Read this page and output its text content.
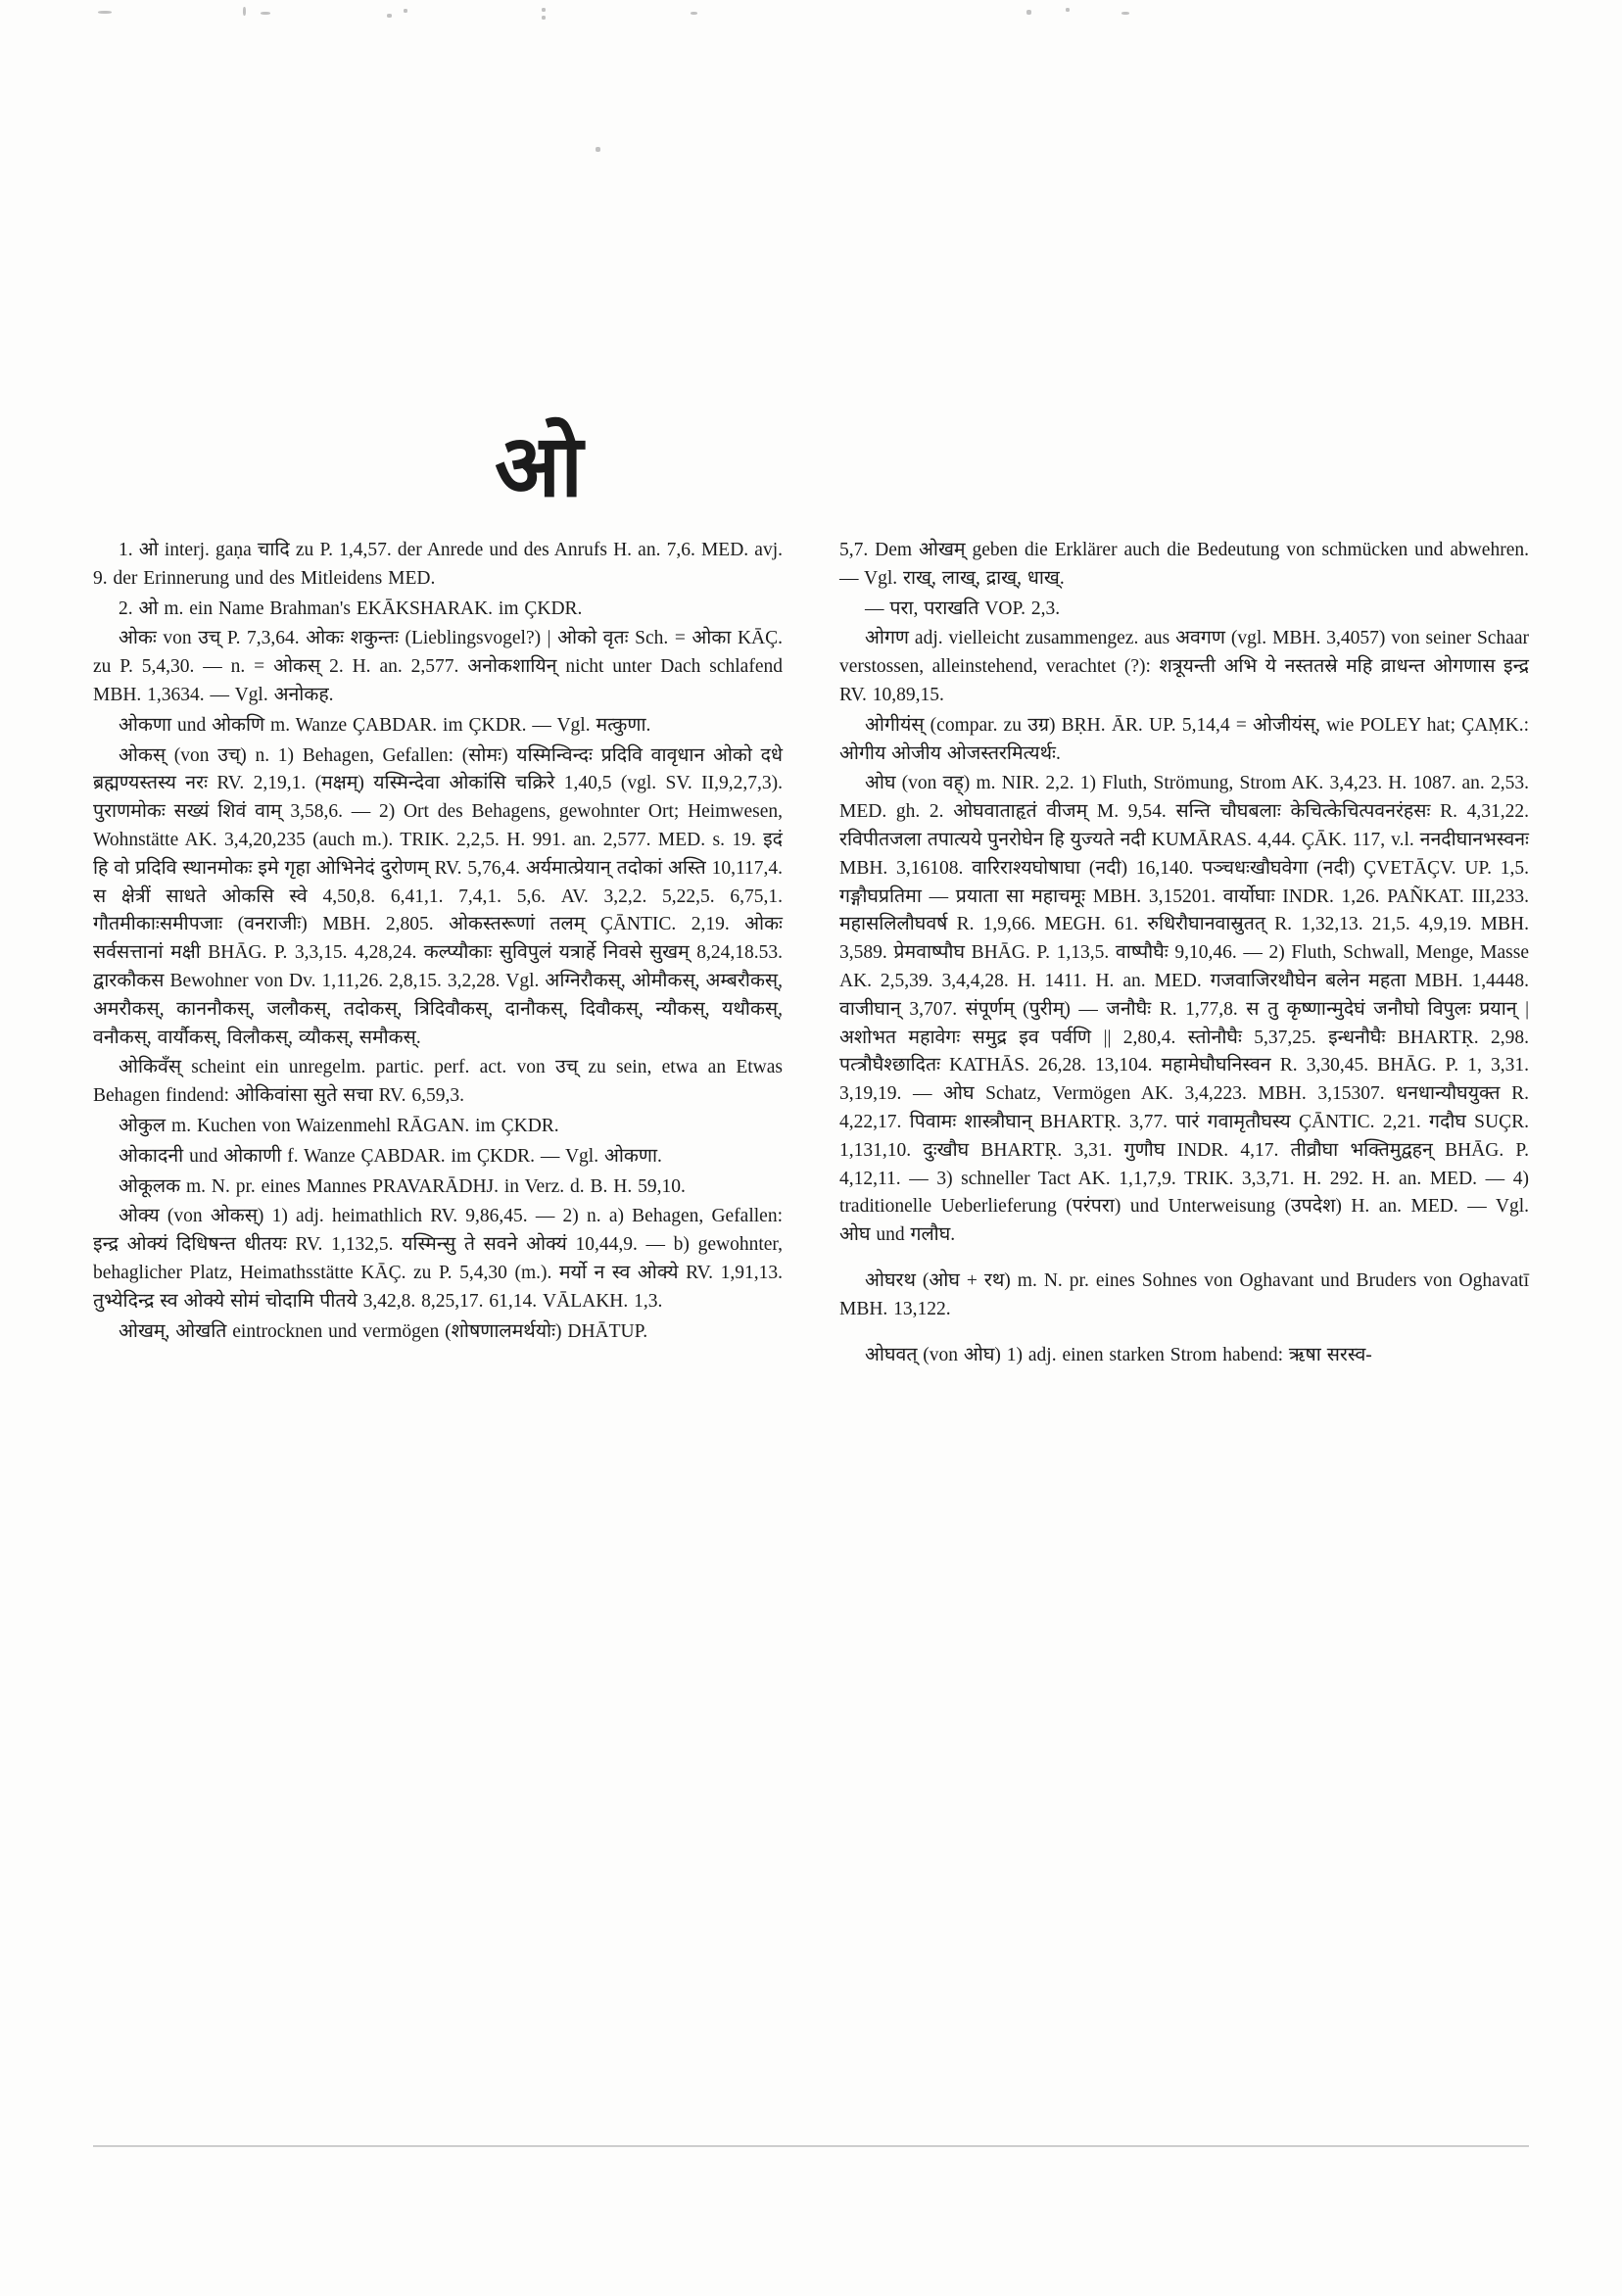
ओ

1. ओ interj. gaṇa चादि zu P. 1,4,57. der Anrede und des Anrufs H. an. 7,6. MED. avj. 9. der Erinnerung und des Mitleidens MED.

2. ओ m. ein Name Brahman's EKĀKSHARAK. im ÇKDR.

ओकः von उच् P. 7,3,64. ओकः शकुन्तः (Lieblingsvogel?) | ओको वृतः Sch. = ओका KĀÇ. zu P. 5,4,30. — n. = ओकस् 2. H. an. 2,577. अनोकशायिन् nicht unter Dach schlafend MBH. 1,3634. — Vgl. अनोकह.

ओकणा und ओकणि m. Wanze ÇABDAR. im ÇKDR. — Vgl. मत्कुणा.

ओकस् (von उच्) n. 1) Behagen, Gefallen: (सोमः) यस्मिन्विन्दः प्रदिवि वावृधान ओको दधे ब्रह्मण्यस्तस्य नरः RV. 2,19,1. (मक्षम्) यस्मिन्देवा ओकांसि चक्रिरे 1,40,5 (vgl. SV. II,9,2,7,3). पुराणमोकः सख्यं शिवं वाम् 3,58,6. — 2) Ort des Behagens, gewohnter Ort; Heimwesen, Wohnstätte AK. 3,4,20,235 (auch m.). TRIK. 2,2,5. H. 991. an. 2,577. MED. s. 19. इदं हि वो प्रदिवि स्थानमोकः इमे गृहा ओभिनेदं दुरोणम् RV. 5,76,4. अर्यमात्प्रेयान् तदोकां अस्ति 10,117,4. स क्षेत्रीं साधते ओकसि स्वे 4,50,8. 6,41,1. 7,4,1. 5,6. AV. 3,2,2. 5,22,5. 6,75,1. गौतमीकाःसमीपजाः (वनराजीः) MBH. 2,805. ओकस्तरूणां तलम् ÇĀNTIC. 2,19. ओकः सर्वसत्तानां मक्षी BHĀG. P. 3,3,15. 4,28,24. कल्प्यौकाः सुविपुलं यत्रार्हे निवसे सुखम् 8,24,18.53. द्वारकौकस Bewohner von Dv. 1,11,26. 2,8,15. 3,2,28. Vgl. अग्निरौकस्, ओमौकस्, अम्बरौकस्, अमरौकस्, काननौकस्, जलौकस्, तदोकस्, त्रिदिवौकस्, दानौकस्, दिवौकस्, न्यौकस्, यथौकस्, वनौकस्, वार्यौकस्, विलौकस्, व्यौकस्, समौकस्.

ओकिवँस् scheint ein unregelm. partic. perf. act. von उच् zu sein, etwa an Etwas Behagen findend: ओकिवांसा सुते सचा RV. 6,59,3.

ओकुल m. Kuchen von Waizenmehl RĀGAN. im ÇKDR.

ओकादनी und ओकाणी f. Wanze ÇABDAR. im ÇKDR. — Vgl. ओकणा.

ओकूलक m. N. pr. eines Mannes PRAVARĀDHJ. in Verz. d. B. H. 59,10.

ओक्य (von ओकस्) 1) adj. heimathlich RV. 9,86,45. — 2) n. a) Behagen, Gefallen: इन्द्र ओक्यं दिधिषन्त धीतयः RV. 1,132,5. यस्मिन्सु ते सवने ओक्यं 10,44,9. — b) gewohnter, behaglicher Platz, Heimathsstätte KĀÇ. zu P. 5,4,30 (m.). मर्यो न स्व ओक्ये RV. 1,91,13. तुभ्येदिन्द्र स्व ओक्ये सोमं चोदामि पीतये 3,42,8. 8,25,17. 61,14. VĀLAKH. 1,3.

ओखम्, ओखति eintrocknen und vermögen (शोषणालमर्थयोः) DHĀTUP.

5,7. Dem ओखम् geben die Erklärer auch die Bedeutung von schmücken und abwehren. — Vgl. राख्, लाख्, द्राख्, धाख्.

— परा, पराखति VOP. 2,3.

ओगण adj. vielleicht zusammengez. aus अवगण (vgl. MBH. 3,4057) von seiner Schaar verstossen, alleinstehend, verachtet (?): शत्रूयन्ती अभि ये नस्ततस्रे महि व्राधन्त ओगणास इन्द्र RV. 10,89,15.

ओगीयंस् (compar. zu उग्र) BṚH. ĀR. UP. 5,14,4 = ओजीयंस्, wie POLEY hat; ÇAṂK.: ओगीय ओजीय ओजस्तरमित्यर्थः.

ओघ (von वह्) m. NIR. 2,2. 1) Fluth, Strömung, Strom AK. 3,4,23. H. 1087. an. 2,53. MED. gh. 2. ओघवाताहृतं वीजम् M. 9,54. सन्ति चौघबलाः केचित्केचित्पवनरंहसः R. 4,31,22. रविपीतजला तपात्यये पुनरोघेन हि युज्यते नदी KUMĀRAS. 4,44. ÇĀK. 117, v.l. ननदीघानभस्वनः MBH. 3,16108. वारिराश्यघोषाघा (नदी) 16,140. पञ्चधःखौघवेगा (नदी) ÇVETĀÇV. UP. 1,5. गङ्गौघप्रतिमा — प्रयाता सा महाचमूः MBH. 3,15201. वार्योघाः INDR. 1,26. PAÑKAT. III,233. महासलिलौघवर्ष R. 1,9,66. MEGH. 61. रुधिरौघानवास्रुतत् R. 1,32,13. 21,5. 4,9,19. MBH. 3,589. प्रेमवाष्पौघ BHĀG. P. 1,13,5. वाष्पौघैः 9,10,46. — 2) Fluth, Schwall, Menge, Masse AK. 2,5,39. 3,4,4,28. H. 1411. H. an. MED. गजवाजिरथौघेन बलेन महता MBH. 1,4448. वाजीघान् 3,707. संपूर्णम् (पुरीम्) — जनौघैः R. 1,77,8. स तु कृष्णान्मुदेघं जनौघो विपुलः प्रयान् | अशोभत महावेगः समुद्र इव पर्वणि || 2,80,4. स्तोनौघैः 5,37,25. इन्धनौघैः BHARTṚ. 2,98. पत्त्रौघैश्छादितः KATHĀS. 26,28. 13,104. महामेघौघनिस्वन R. 3,30,45. BHĀG. P. 1, 3,31. 3,19,19. — ओघ Schatz, Vermögen AK. 3,4,223. MBH. 3,15307. धनधान्यौघयुक्त R. 4,22,17. पिवामः शास्त्रौघान् BHARTṚ. 3,77. पारं गवामृतौघस्य ÇĀNTIC. 2,21. गदौघ SUÇR. 1,131,10. दुःखौघ BHARTṚ. 3,31. गुणौघ INDR. 4,17. तीव्रौघा भक्तिमुद्वहन् BHĀG. P. 4,12,11. — 3) schneller Tact AK. 1,1,7,9. TRIK. 3,3,71. H. 292. H. an. MED. — 4) traditionelle Ueberlieferung (परंपरा) und Unterweisung (उपदेश) H. an. MED. — Vgl. ओघ und गलौघ.

ओघरथ (ओघ + रथ) m. N. pr. eines Sohnes von Oghavant und Bruders von Oghavatī MBH. 13,122.

ओघवत् (von ओघ) 1) adj. einen starken Strom habend: ऋषा सरस्व-
